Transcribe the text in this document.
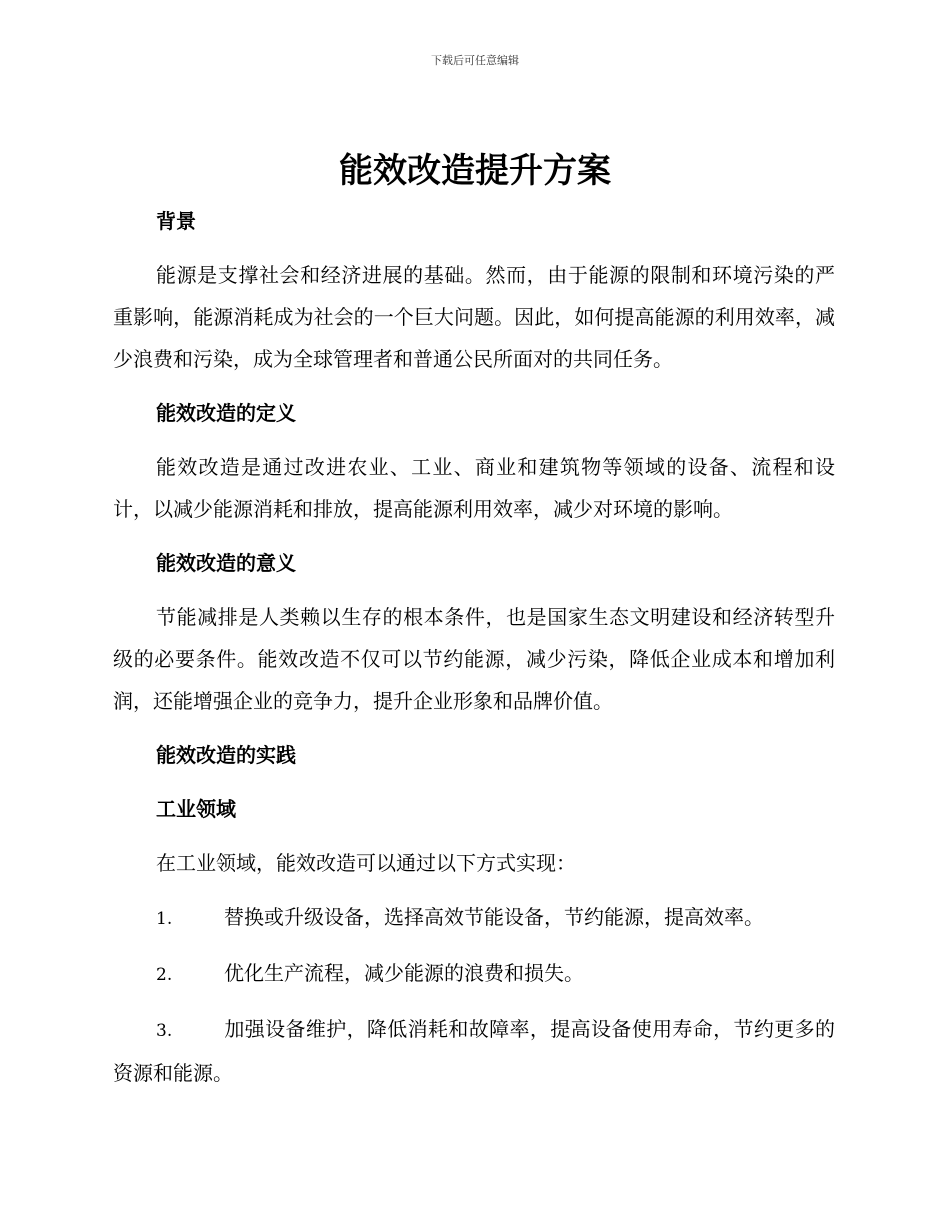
下载后可任意编辑
能效改造提升方案

背景

能源是支撑社会和经济进展的基础。然而，由于能源的限制和环境污染的严重影响，能源消耗成为社会的一个巨大问题。因此，如何提高能源的利用效率，减少浪费和污染，成为全球管理者和普通公民所面对的共同任务。

能效改造的定义

能效改造是通过改进农业、工业、商业和建筑物等领域的设备、流程和设计，以减少能源消耗和排放，提高能源利用效率，减少对环境的影响。

能效改造的意义

节能减排是人类赖以生存的根本条件，也是国家生态文明建设和经济转型升级的必要条件。能效改造不仅可以节约能源，减少污染，降低企业成本和增加利润，还能增强企业的竞争力，提升企业形象和品牌价值。

能效改造的实践

工业领域

在工业领域，能效改造可以通过以下方式实现：

1.	替换或升级设备，选择高效节能设备，节约能源，提高效率。

2.	优化生产流程，减少能源的浪费和损失。

3.	加强设备维护，降低消耗和故障率，提高设备使用寿命，节约更多的资源和能源。
